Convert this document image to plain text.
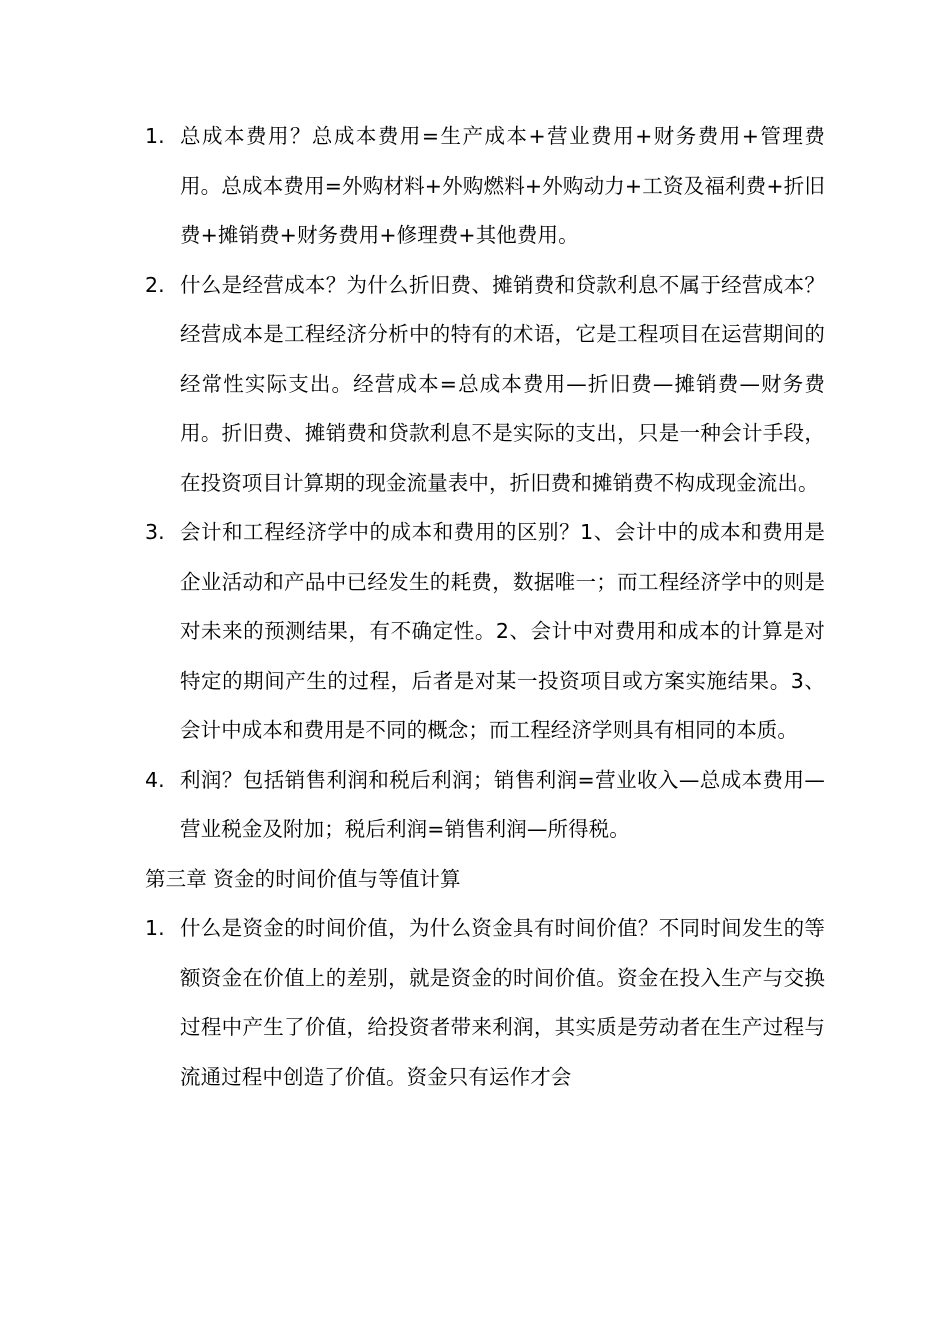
1. 总成本费用？总成本费用=生产成本+营业费用+财务费用+管理费用。总成本费用=外购材料+外购燃料+外购动力+工资及福利费+折旧费+摊销费+财务费用+修理费+其他费用。
2. 什么是经营成本？为什么折旧费、摊销费和贷款利息不属于经营成本？经营成本是工程经济分析中的特有的术语，它是工程项目在运营期间的经常性实际支出。经营成本=总成本费用—折旧费—摊销费—财务费用。折旧费、摊销费和贷款利息不是实际的支出，只是一种会计手段，在投资项目计算期的现金流量表中，折旧费和摊销费不构成现金流出。
3. 会计和工程经济学中的成本和费用的区别？1、会计中的成本和费用是企业活动和产品中已经发生的耗费，数据唯一；而工程经济学中的则是对未来的预测结果，有不确定性。2、会计中对费用和成本的计算是对特定的期间产生的过程，后者是对某一投资项目或方案实施结果。3、会计中成本和费用是不同的概念；而工程经济学则具有相同的本质。
4. 利润？包括销售利润和税后利润；销售利润=营业收入—总成本费用—营业税金及附加；税后利润=销售利润—所得税。
第三章 资金的时间价值与等值计算
1. 什么是资金的时间价值，为什么资金具有时间价值？不同时间发生的等额资金在价值上的差别，就是资金的时间价值。资金在投入生产与交换过程中产生了价值，给投资者带来利润，其实质是劳动者在生产过程与流通过程中创造了价值。资金只有运作才会
